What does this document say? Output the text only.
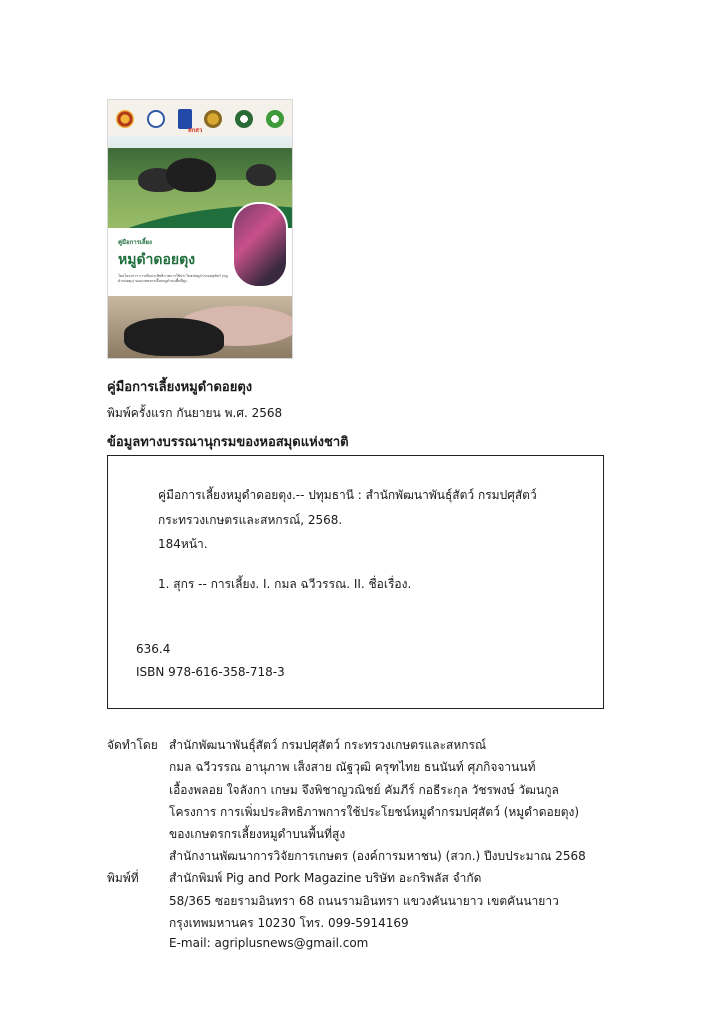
สกสว
คู่มือการเลี้ยง
หมูดำดอยตุง
โดยโครงการ การเพิ่มประสิทธิภาพการใช้ประโยชน์หมูดำกรมปศุสัตว์ (หมูดำดอยตุง) ของเกษตรกรเลี้ยงหมูดำบนพื้นที่สูง
คู่มือการเลี้ยงหมูดำดอยตุง
พิมพ์ครั้งแรก กันยายน พ.ศ. 2568
ข้อมูลทางบรรณานุกรมของหอสมุดแห่งชาติ
คู่มือการเลี้ยงหมูดำดอยตุง.-- ปทุมธานี : สำนักพัฒนาพันธุ์สัตว์ กรมปศุสัตว์
กระทรวงเกษตรและสหกรณ์, 2568.
184หน้า.
1. สุกร -- การเลี้ยง. I. กมล ฉวีวรรณ. II. ชื่อเรื่อง.
636.4
ISBN 978-616-358-718-3
จัดทำโดย สำนักพัฒนาพันธุ์สัตว์ กรมปศุสัตว์ กระทรวงเกษตรและสหกรณ์
กมล ฉวีวรรณ อานุภาพ เส็งสาย ณัฐวุฒิ ครุฑไทย ธนนันท์ ศุภกิจจานนท์
เอื้องพลอย ใจลังกา เกษม จึงพิชาญวณิชย์ คัมภีร์ กอธีระกุล วัชรพงษ์ วัฒนกูล
โครงการ การเพิ่มประสิทธิภาพการใช้ประโยชน์หมูดำกรมปศุสัตว์ (หมูดำดอยตุง)
ของเกษตรกรเลี้ยงหมูดำบนพื้นที่สูง
สำนักงานพัฒนาการวิจัยการเกษตร (องค์การมหาชน) (สวก.) ปีงบประมาณ 2568
พิมพ์ที่	สำนักพิมพ์ Pig and Pork Magazine บริษัท อะกริพลัส จำกัด
58/365 ซอยรามอินทรา 68 ถนนรามอินทรา แขวงคันนายาว เขตคันนายาว
กรุงเทพมหานคร 10230 โทร. 099-5914169
E-mail: agriplusnews@gmail.com
